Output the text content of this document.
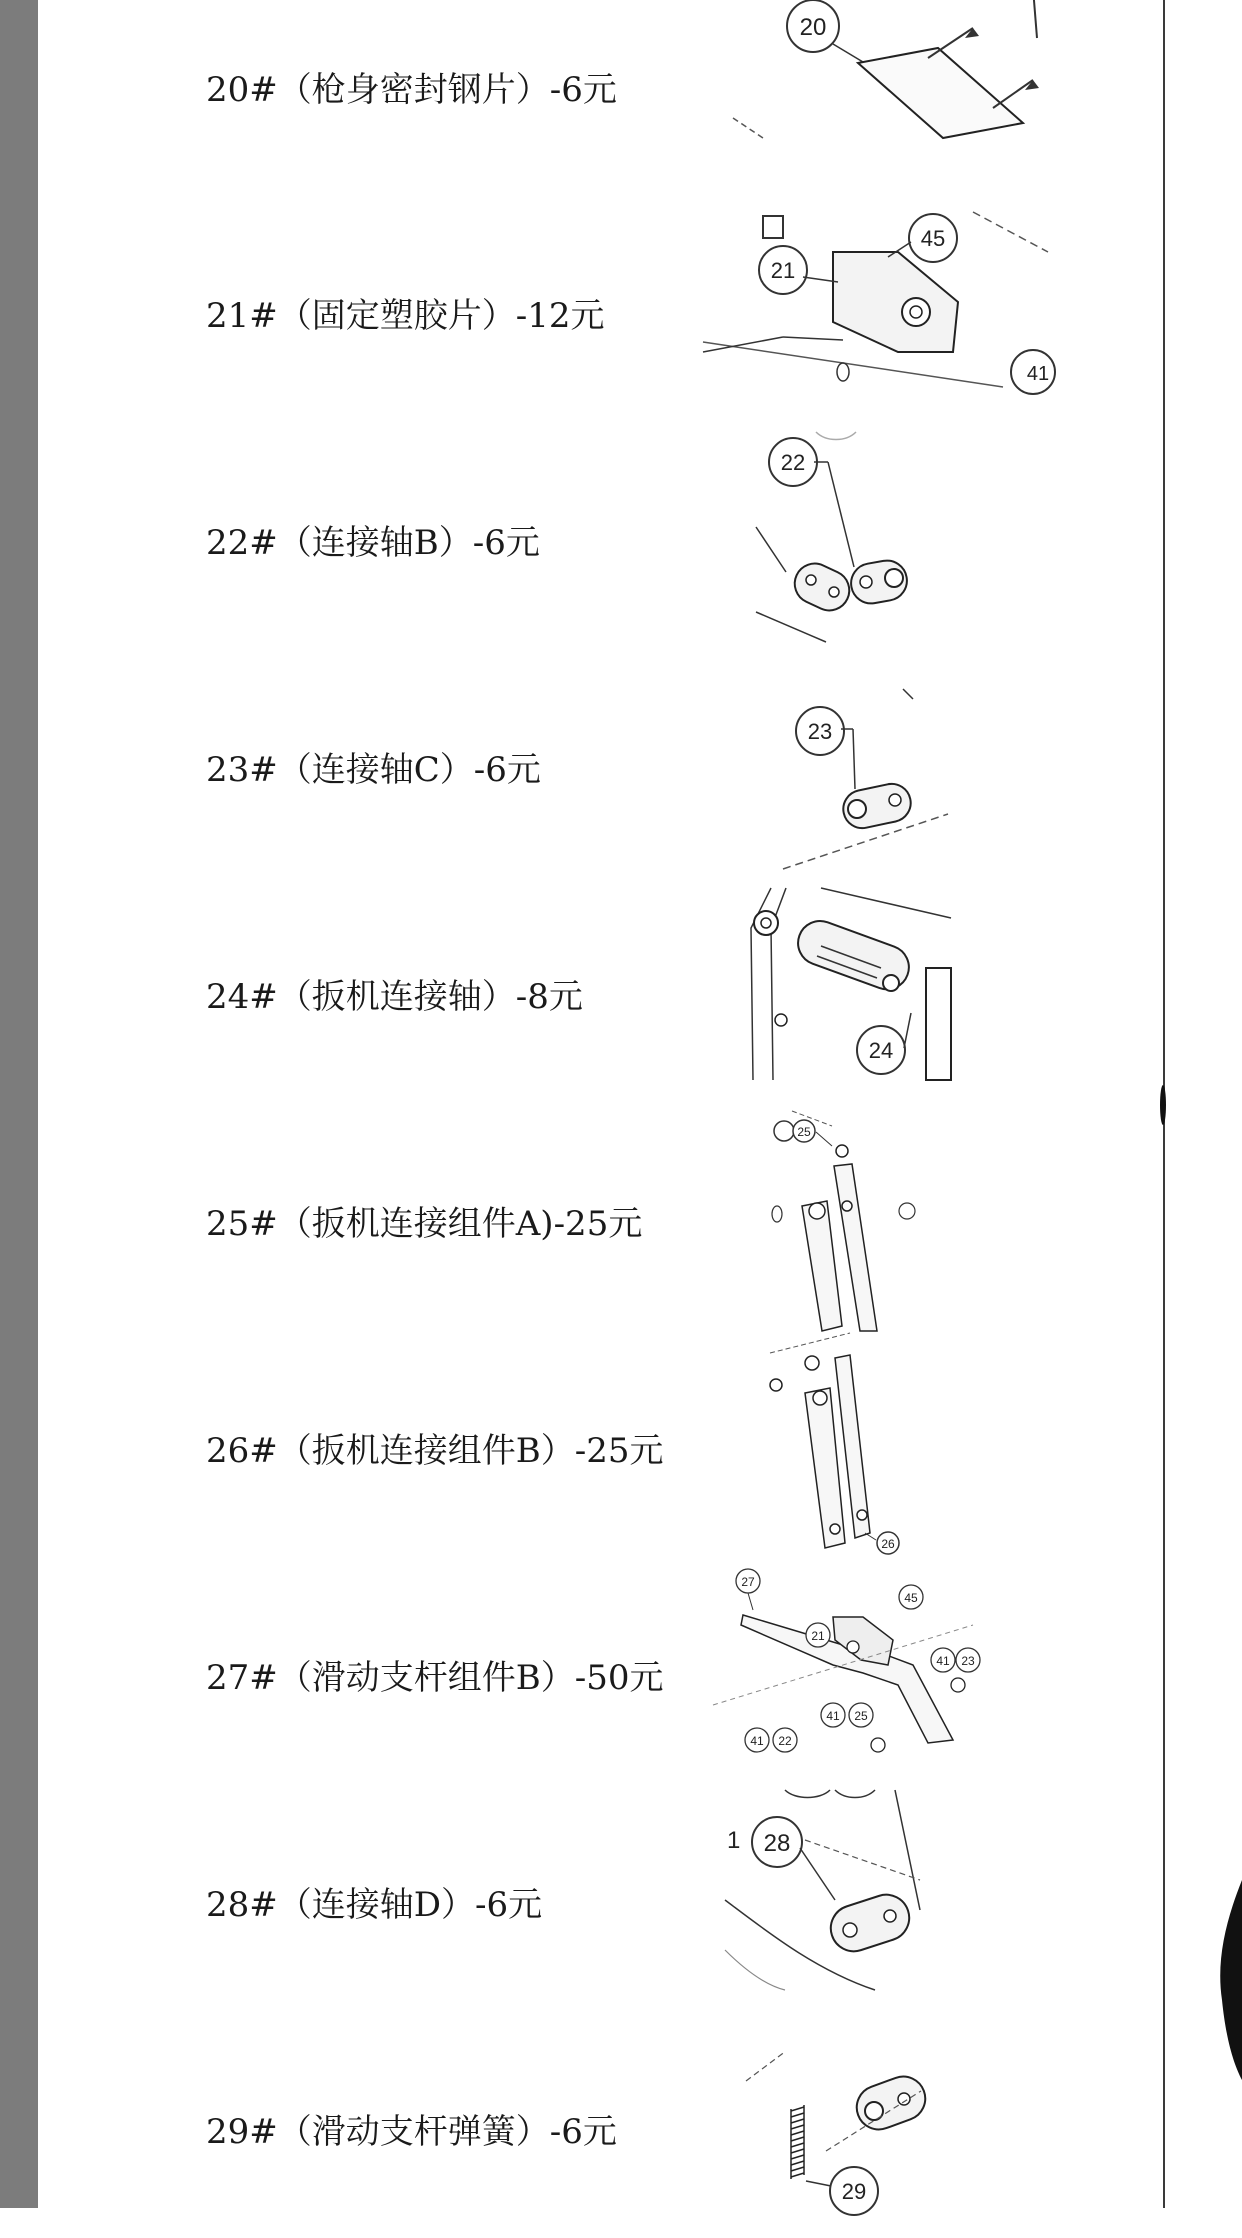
20#（枪身密封钢片）-6元
20
21#（固定塑胶片）-12元
21
45
41
22#（连接轴B）-6元
22
23#（连接轴C）-6元
23
24#（扳机连接轴）-8元
24
25#（扳机连接组件A)-25元
25
26#（扳机连接组件B）-25元
26
27#（滑动支杆组件B）-50元
27
21
45
41 23
41 25
41 22
28#（连接轴D）-6元
1 28
29#（滑动支杆弹簧）-6元
29
